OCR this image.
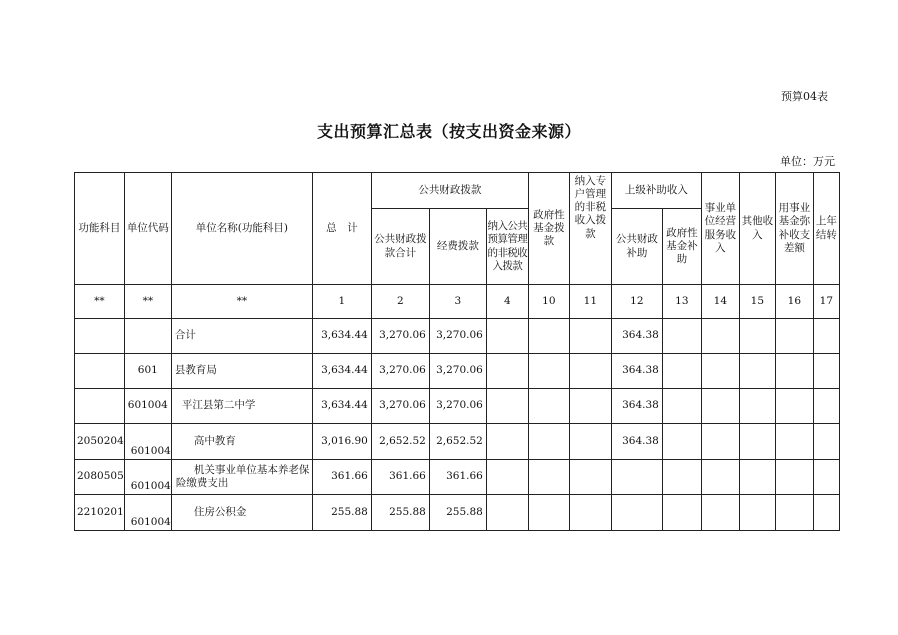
预算04表
支出预算汇总表（按支出资金来源）
单位：万元
功能科目	单位代码	单位名称(功能科目)	总　计	公共财政拨款			政府性基金拨款	纳入专户管理的非税收入拨款	上级补助收入		事业单位经营服务收入	其他收入	用事业基金弥补收支差额	上年结转
				公共财政拨款合计	经费拨款	纳入公共预算管理的非税收入拨款			公共财政补助	政府性基金补助				
**	**	**	1	2	3	4	10	11	12	13	14	15	16	17
		合计	3,634.44	3,270.06	3,270.06				364.38					
	601	县教育局	3,634.44	3,270.06	3,270.06				364.38					
	601004	平江县第二中学	3,634.44	3,270.06	3,270.06				364.38					
2050204	601004	高中教育	3,016.90	2,652.52	2,652.52				364.38					
2080505	601004	机关事业单位基本养老保险缴费支出	361.66	361.66	361.66									
2210201	601004	住房公积金	255.88	255.88	255.88									
